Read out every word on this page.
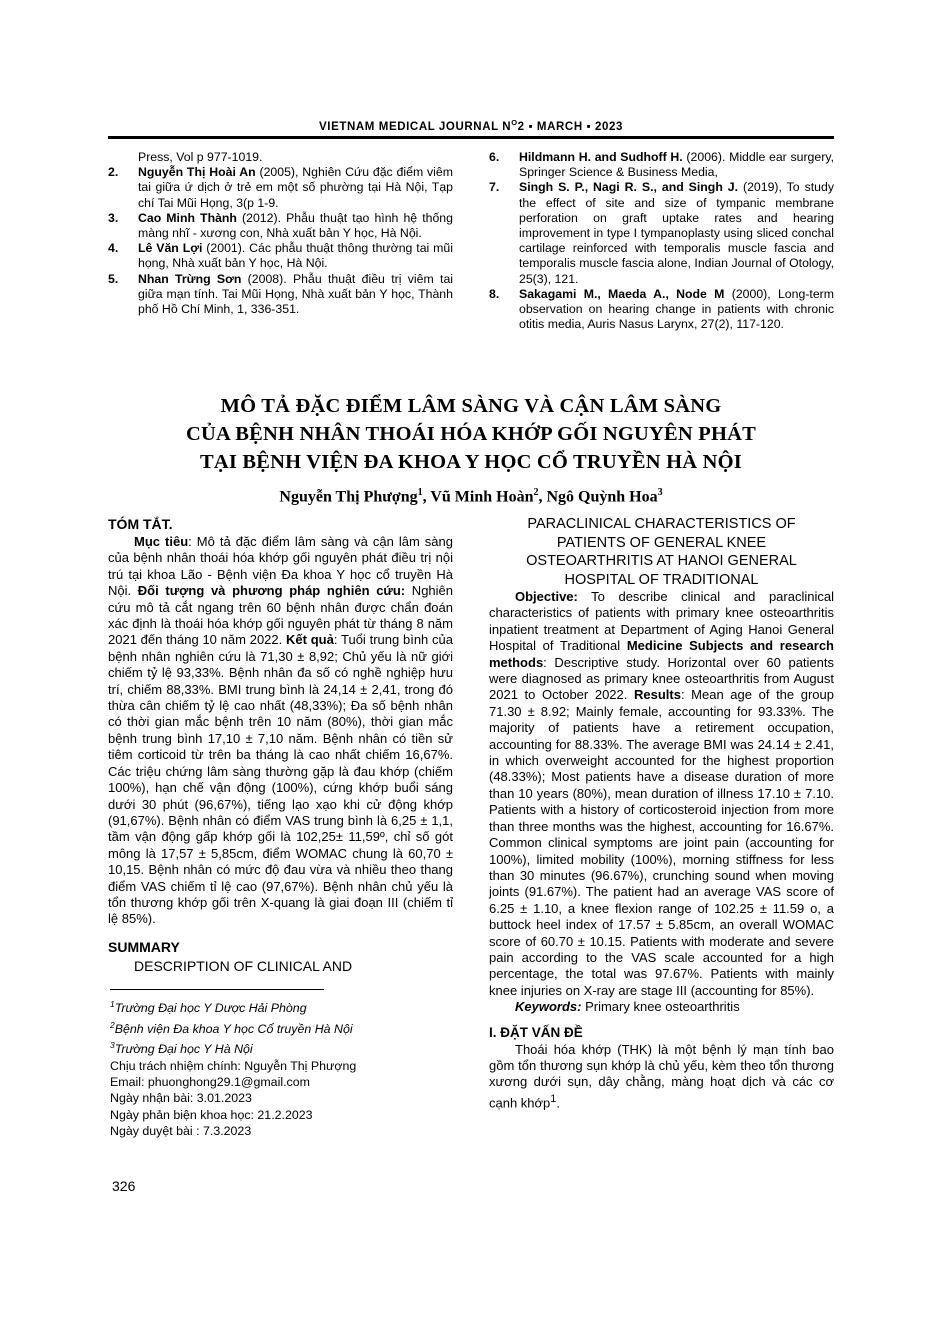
VIETNAM MEDICAL JOURNAL $N^O2$ ▪ MARCH ▪ 2023
Press, Vol p 977-1019.
2.	Nguyễn Thị Hoài An (2005), Nghiên Cứu đặc điểm viêm tai giữa ứ dịch ở trẻ em một số phường tại Hà Nội, Tạp chí Tai Mũi Họng, 3(p 1-9.
3.	Cao Minh Thành (2012). Phẫu thuật tạo hình hệ thống màng nhĩ - xương con, Nhà xuất bản Y học, Hà Nội.
4.	Lê Văn Lợi (2001). Các phẫu thuật thông thường tai mũi họng, Nhà xuất bản Y học, Hà Nội.
5.	Nhan Trừng Sơn (2008). Phẫu thuật điều trị viêm tai giữa mạn tính. Tai Mũi Họng, Nhà xuất bản Y học, Thành phố Hồ Chí Minh, 1, 336-351.
6.	Hildmann H. and Sudhoff H. (2006). Middle ear surgery, Springer Science & Business Media,
7.	Singh S. P., Nagi R. S., and Singh J. (2019), To study the effect of site and size of tympanic membrane perforation on graft uptake rates and hearing improvement in type I tympanoplasty using sliced conchal cartilage reinforced with temporalis muscle fascia and temporalis muscle fascia alone, Indian Journal of Otology, 25(3), 121.
8.	Sakagami M., Maeda A., Node M (2000), Long-term observation on hearing change in patients with chronic otitis media, Auris Nasus Larynx, 27(2), 117-120.
MÔ TẢ ĐẶC ĐIỂM LÂM SÀNG VÀ CẬN LÂM SÀNG
CỦA BỆNH NHÂN THOÁI HÓA KHỚP GỐI NGUYÊN PHÁT
TẠI BỆNH VIỆN ĐA KHOA Y HỌC CỔ TRUYỀN HÀ NỘI
Nguyễn Thị Phượng$^1$, Vũ Minh Hoàn$^2$, Ngô Quỳnh Hoa$^3$
TÓM TẮT.

Mục tiêu: Mô tả đặc điểm lâm sàng và cận lâm sàng của bệnh nhân thoái hóa khớp gối nguyên phát điều trị nội trú tại khoa Lão - Bệnh viện Đa khoa Y học cổ truyền Hà Nội. Đối tượng và phương pháp nghiên cứu: Nghiên cứu mô tả cắt ngang trên 60 bệnh nhân được chẩn đoán xác định là thoái hóa khớp gối nguyên phát từ tháng 8 năm 2021 đến tháng 10 năm 2022. Kết quả: Tuổi trung bình của bệnh nhân nghiên cứu là 71,30 ± 8,92; Chủ yếu là nữ giới chiếm tỷ lệ 93,33%. Bệnh nhân đa số có nghề nghiệp hưu trí, chiếm 88,33%. BMI trung bình là 24,14 ± 2,41, trong đó thừa cân chiếm tỷ lệ cao nhất (48,33%); Đa số bệnh nhân có thời gian mắc bệnh trên 10 năm (80%), thời gian mắc bệnh trung bình 17,10 ± 7,10 năm. Bệnh nhân có tiền sử tiêm corticoid từ trên ba tháng là cao nhất chiếm 16,67%. Các triệu chứng lâm sàng thường gặp là đau khớp (chiếm 100%), hạn chế vận động (100%), cứng khớp buổi sáng dưới 30 phút (96,67%), tiếng lạo xạo khi cử động khớp (91,67%). Bệnh nhân có điểm VAS trung bình là 6,25 ± 1,1, tầm vận động gấp khớp gối là 102,25± 11,59º, chỉ số gót mông là 17,57 ± 5,85cm, điểm WOMAC chung là 60,70 ± 10,15. Bệnh nhân có mức độ đau vừa và nhiều theo thang điểm VAS chiếm tỉ lệ cao (97,67%). Bệnh nhân chủ yếu là tổn thương khớp gối trên X-quang là giai đoạn III (chiếm tỉ lệ 85%).

SUMMARY

DESCRIPTION OF CLINICAL AND

PARACLINICAL CHARACTERISTICS OF
PATIENTS OF GENERAL KNEE
OSTEOARTHRITIS AT HANOI GENERAL
HOSPITAL OF TRADITIONAL

Objective: To describe clinical and paraclinical characteristics of patients with primary knee osteoarthritis inpatient treatment at Department of Aging Hanoi General Hospital of Traditional Medicine Subjects and research methods: Descriptive study. Horizontal over 60 patients were diagnosed as primary knee osteoarthritis from August 2021 to October 2022. Results: Mean age of the group 71.30 ± 8.92; Mainly female, accounting for 93.33%. The majority of patients have a retirement occupation, accounting for 88.33%. The average BMI was 24.14 ± 2.41, in which overweight accounted for the highest proportion (48.33%); Most patients have a disease duration of more than 10 years (80%), mean duration of illness 17.10 ± 7.10. Patients with a history of corticosteroid injection from more than three months was the highest, accounting for 16.67%. Common clinical symptoms are joint pain (accounting for 100%), limited mobility (100%), morning stiffness for less than 30 minutes (96.67%), crunching sound when moving joints (91.67%). The patient had an average VAS score of 6.25 ± 1.10, a knee flexion range of 102.25 ± 11.59 o, a buttock heel index of 17.57 ± 5.85cm, an overall WOMAC score of 60.70 ± 10.15. Patients with moderate and severe pain according to the VAS scale accounted for a high percentage, the total was 97.67%. Patients with mainly knee injuries on X-ray are stage III (accounting for 85%).

Keywords: Primary knee osteoarthritis

I. ĐẶT VẤN ĐỀ

Thoái hóa khớp (THK) là một bệnh lý mạn tính bao gồm tổn thương sụn khớp là chủ yếu, kèm theo tổn thương xương dưới sụn, dây chằng, màng hoạt dịch và các cơ cạnh khớp$^1$.

$^1$Trường Đại học Y Dược Hải Phòng
$^2$Bệnh viện Đa khoa Y học Cổ truyền Hà Nội
$^3$Trường Đại học Y Hà Nội
Chịu trách nhiệm chính: Nguyễn Thị Phượng
Email: phuonghong29.1@gmail.com
Ngày nhận bài: 3.01.2023
Ngày phản biện khoa học: 21.2.2023
Ngày duyệt bài : 7.3.2023
326
